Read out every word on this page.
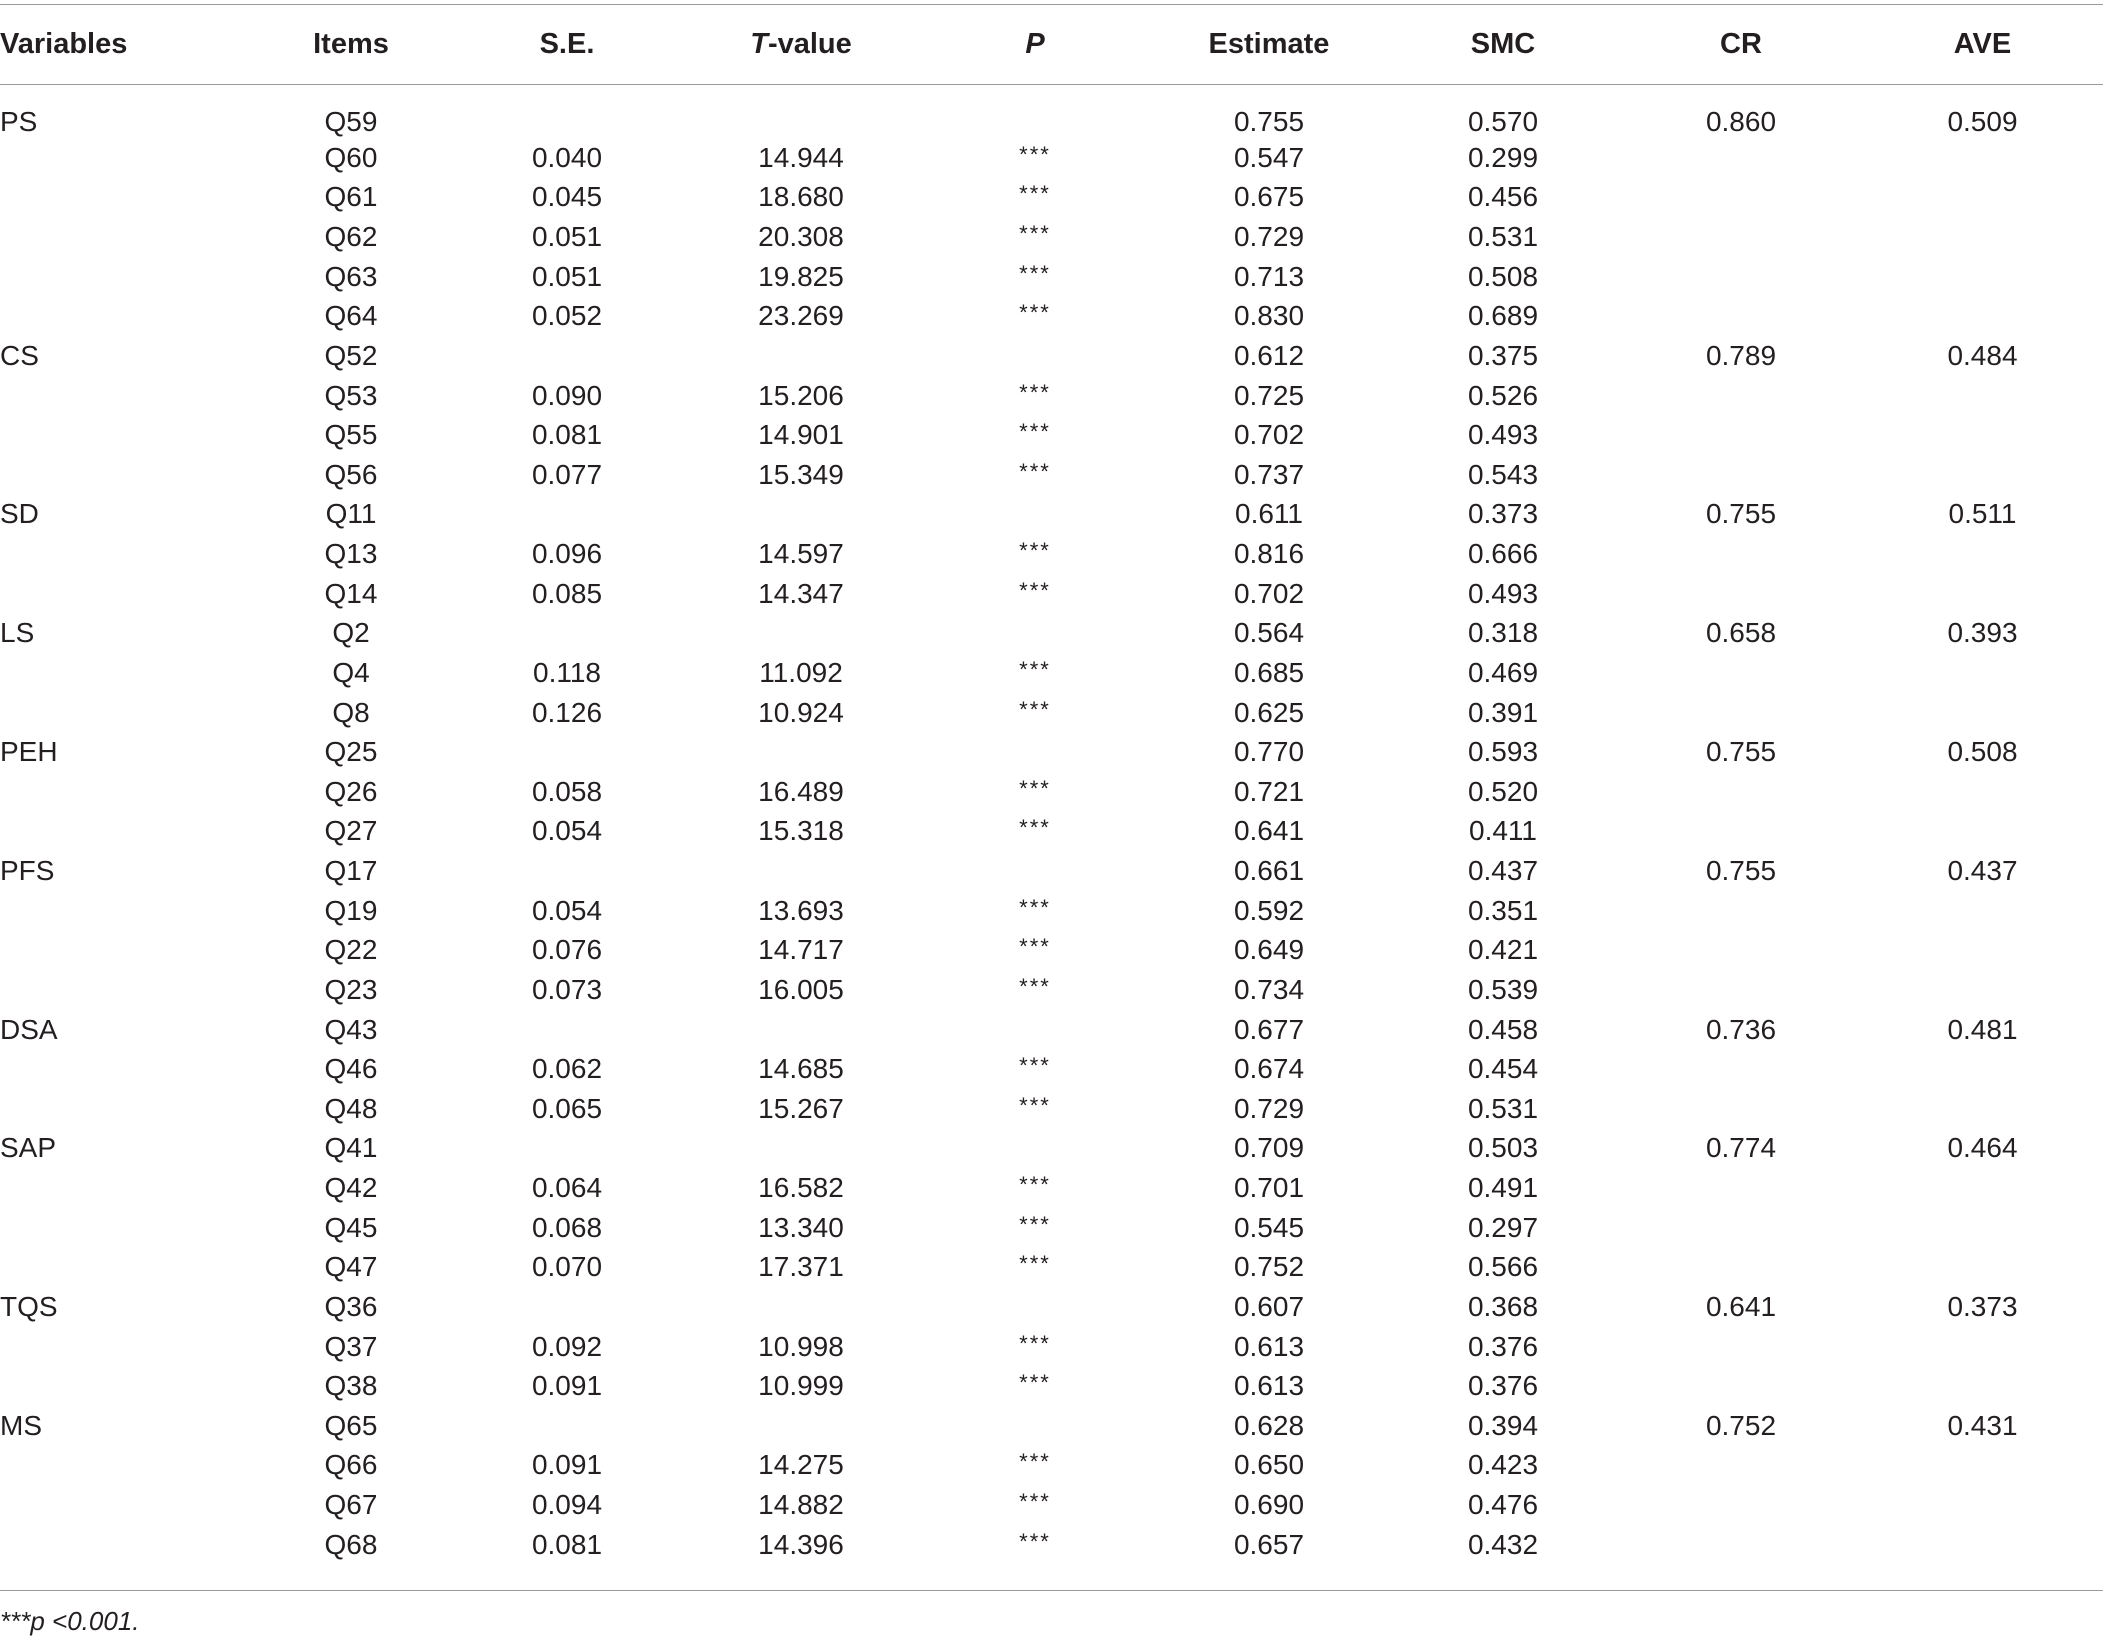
Variables	Items	S.E.	T-value	P	Estimate	SMC	CR	AVE
PS	Q59				0.755	0.570	0.860	0.509
	Q60	0.040	14.944	***	0.547	0.299		
	Q61	0.045	18.680	***	0.675	0.456		
	Q62	0.051	20.308	***	0.729	0.531		
	Q63	0.051	19.825	***	0.713	0.508		
	Q64	0.052	23.269	***	0.830	0.689		
CS	Q52				0.612	0.375	0.789	0.484
	Q53	0.090	15.206	***	0.725	0.526		
	Q55	0.081	14.901	***	0.702	0.493		
	Q56	0.077	15.349	***	0.737	0.543		
SD	Q11				0.611	0.373	0.755	0.511
	Q13	0.096	14.597	***	0.816	0.666		
	Q14	0.085	14.347	***	0.702	0.493		
LS	Q2				0.564	0.318	0.658	0.393
	Q4	0.118	11.092	***	0.685	0.469		
	Q8	0.126	10.924	***	0.625	0.391		
PEH	Q25				0.770	0.593	0.755	0.508
	Q26	0.058	16.489	***	0.721	0.520		
	Q27	0.054	15.318	***	0.641	0.411		
PFS	Q17				0.661	0.437	0.755	0.437
	Q19	0.054	13.693	***	0.592	0.351		
	Q22	0.076	14.717	***	0.649	0.421		
	Q23	0.073	16.005	***	0.734	0.539		
DSA	Q43				0.677	0.458	0.736	0.481
	Q46	0.062	14.685	***	0.674	0.454		
	Q48	0.065	15.267	***	0.729	0.531		
SAP	Q41				0.709	0.503	0.774	0.464
	Q42	0.064	16.582	***	0.701	0.491		
	Q45	0.068	13.340	***	0.545	0.297		
	Q47	0.070	17.371	***	0.752	0.566		
TQS	Q36				0.607	0.368	0.641	0.373
	Q37	0.092	10.998	***	0.613	0.376		
	Q38	0.091	10.999	***	0.613	0.376		
MS	Q65				0.628	0.394	0.752	0.431
	Q66	0.091	14.275	***	0.650	0.423		
	Q67	0.094	14.882	***	0.690	0.476		
	Q68	0.081	14.396	***	0.657	0.432		
***p <0.001.
